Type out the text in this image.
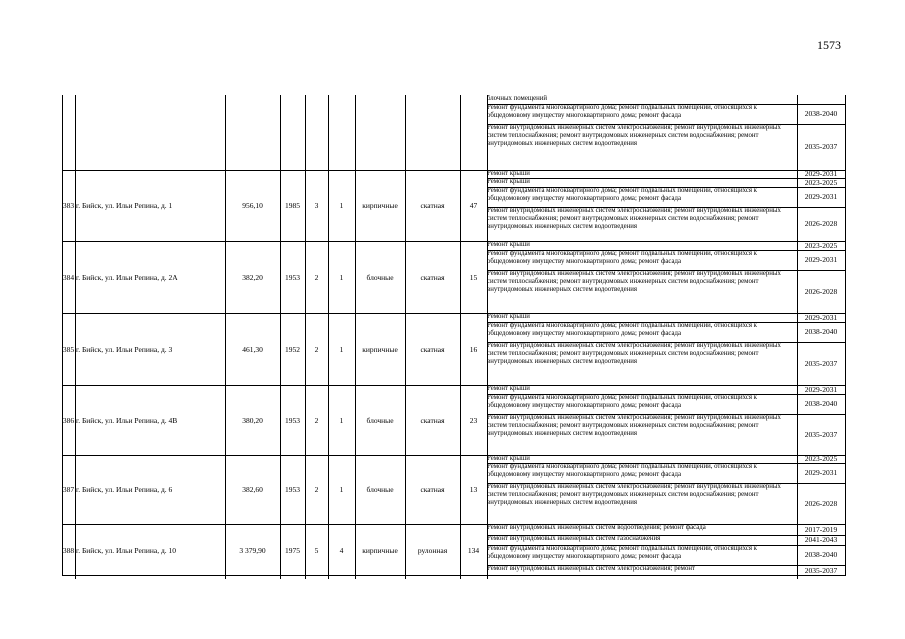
1573
блочных помещений
Ремонт фундамента многоквартирного дома; ремонт подвальных помещений, относящихся к общедомовому имуществу многоквартирного дома; ремонт фасада	2038-2040
Ремонт внутридомовых инженерных систем электроснабжения; ремонт внутридомовых инженерных систем теплоснабжения; ремонт внутридомовых инженерных систем водоснабжения; ремонт внутридомовых инженерных систем водоотведения	2035-2037
383 г. Бийск, ул. Ильи Репина, д. 1	956,10	1985	3	1	кирпичные	скатная	47
Ремонт крыши	2029-2031
Ремонт крыши	2023-2025
Ремонт фундамента многоквартирного дома; ремонт подвальных помещений, относящихся к общедомовому имуществу многоквартирного дома; ремонт фасада	2029-2031
Ремонт внутридомовых инженерных систем электроснабжения; ремонт внутридомовых инженерных систем теплоснабжения; ремонт внутридомовых инженерных систем водоснабжения; ремонт внутридомовых инженерных систем водоотведения	2026-2028
384 г. Бийск, ул. Ильи Репина, д. 2А	382,20	1953	2	1	блочные	скатная	15
Ремонт крыши	2023-2025
Ремонт фундамента многоквартирного дома; ремонт подвальных помещений, относящихся к общедомовому имуществу многоквартирного дома; ремонт фасада	2029-2031
Ремонт внутридомовых инженерных систем электроснабжения; ремонт внутридомовых инженерных систем теплоснабжения; ремонт внутридомовых инженерных систем водоснабжения; ремонт внутридомовых инженерных систем водоотведения	2026-2028
385 г. Бийск, ул. Ильи Репина, д. 3	461,30	1952	2	1	кирпичные	скатная	16
Ремонт крыши	2029-2031
Ремонт фундамента многоквартирного дома; ремонт подвальных помещений, относящихся к общедомовому имуществу многоквартирного дома; ремонт фасада	2038-2040
Ремонт внутридомовых инженерных систем электроснабжения; ремонт внутридомовых инженерных систем теплоснабжения; ремонт внутридомовых инженерных систем водоснабжения; ремонт внутридомовых инженерных систем водоотведения	2035-2037
386 г. Бийск, ул. Ильи Репина, д. 4В	380,20	1953	2	1	блочные	скатная	23
Ремонт крыши	2029-2031
Ремонт фундамента многоквартирного дома; ремонт подвальных помещений, относящихся к общедомовому имуществу многоквартирного дома; ремонт фасада	2038-2040
Ремонт внутридомовых инженерных систем электроснабжения; ремонт внутридомовых инженерных систем теплоснабжения; ремонт внутридомовых инженерных систем водоснабжения; ремонт внутридомовых инженерных систем водоотведения	2035-2037
387 г. Бийск, ул. Ильи Репина, д. 6	382,60	1953	2	1	блочные	скатная	13
Ремонт крыши	2023-2025
Ремонт фундамента многоквартирного дома; ремонт подвальных помещений, относящихся к общедомовому имуществу многоквартирного дома; ремонт фасада	2029-2031
Ремонт внутридомовых инженерных систем электроснабжения; ремонт внутридомовых инженерных систем теплоснабжения; ремонт внутридомовых инженерных систем водоснабжения; ремонт внутридомовых инженерных систем водоотведения	2026-2028
388 г. Бийск, ул. Ильи Репина, д. 10	3 379,90	1975	5	4	кирпичные	рулонная	134
Ремонт внутридомовых инженерных систем водоотведения; ремонт фасада	2017-2019
Ремонт внутридомовых инженерных систем газоснабжения	2041-2043
Ремонт фундамента многоквартирного дома; ремонт подвальных помещений, относящихся к общедомовому имуществу многоквартирного дома; ремонт фасада	2038-2040
Ремонт внутридомовых инженерных систем электроснабжения; ремонт	2035-2037
